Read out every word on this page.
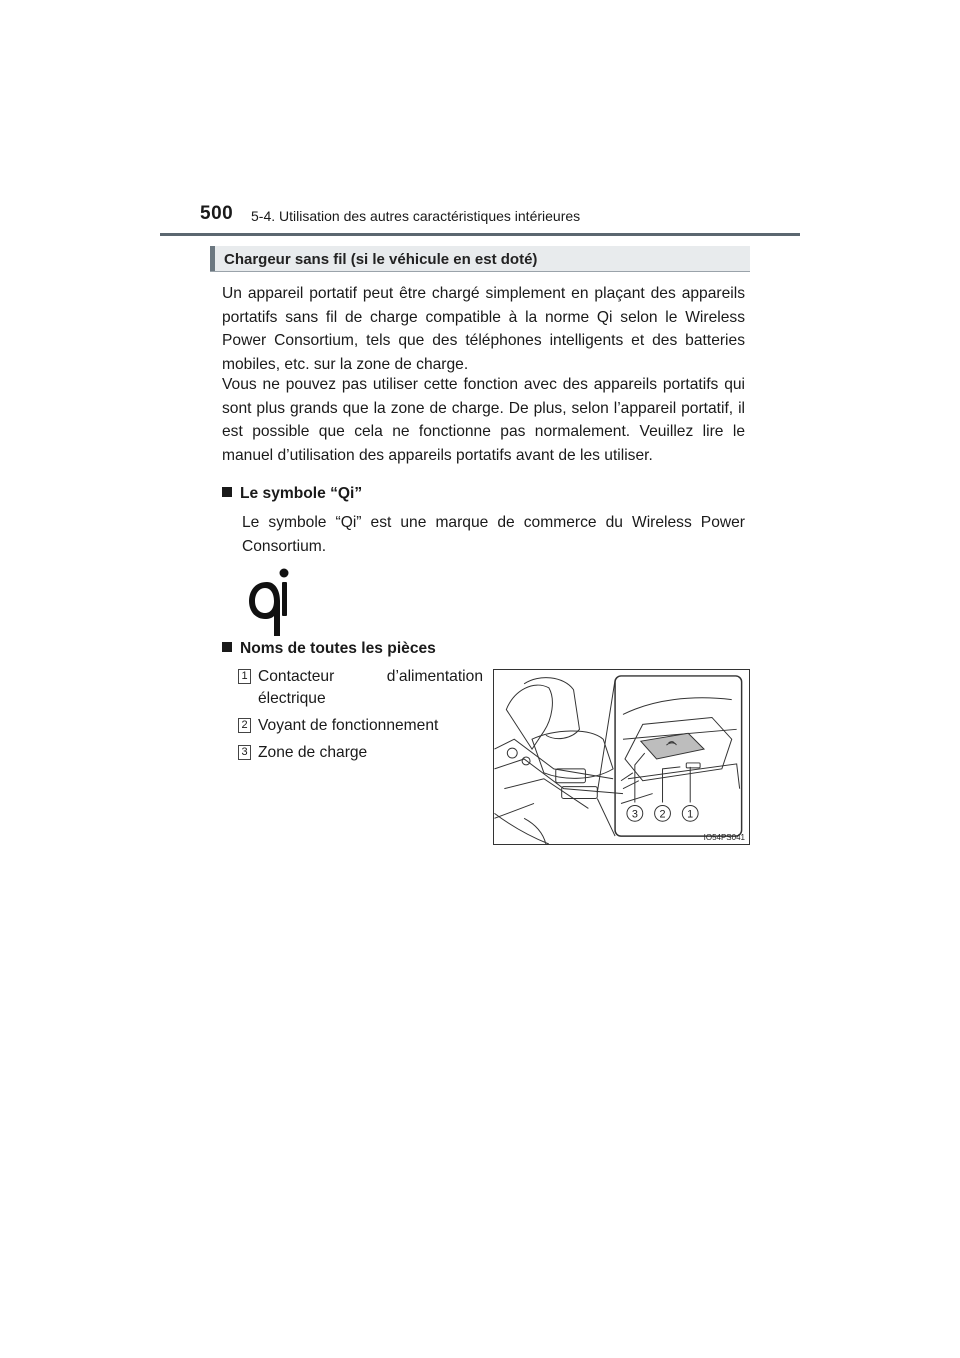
500 5-4. Utilisation des autres caractéristiques intérieures
Chargeur sans fil (si le véhicule en est doté)
Un appareil portatif peut être chargé simplement en plaçant des appareils portatifs sans fil de charge compatible à la norme Qi selon le Wireless Power Consortium, tels que des téléphones intelligents et des batteries mobiles, etc. sur la zone de charge.
Vous ne pouvez pas utiliser cette fonction avec des appareils portatifs qui sont plus grands que la zone de charge. De plus, selon l’appareil portatif, il est possible que cela ne fonctionne pas normalement. Veuillez lire le manuel d’utilisation des appareils portatifs avant de les utiliser.
Le symbole “Qi”
Le symbole “Qi” est une marque de commerce du Wireless Power Consortium.
Noms de toutes les pièces
1 Contacteur d’alimentation électrique
2 Voyant de fonctionnement
3 Zone de charge
3 2 1
IO54PS041
